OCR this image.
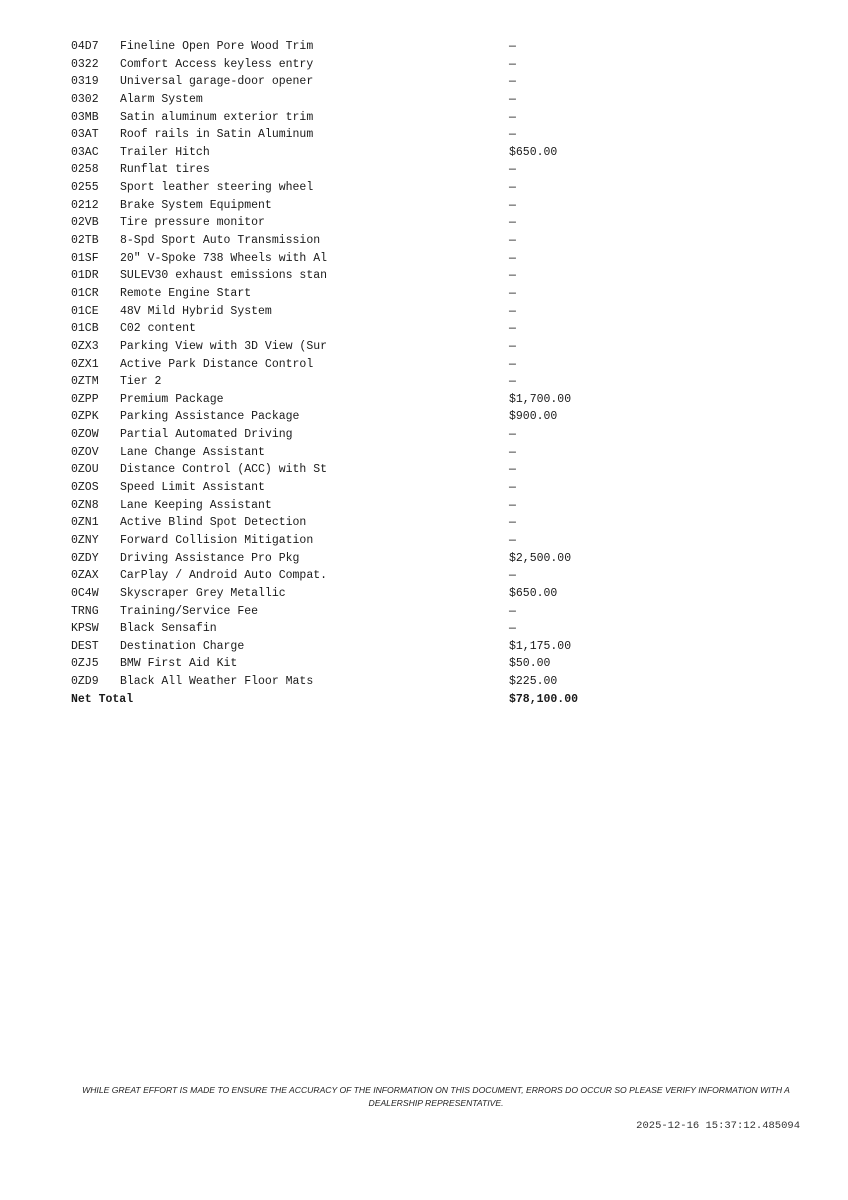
04D7	Fineline Open Pore Wood Trim	—
0322	Comfort Access keyless entry	—
0319	Universal garage-door opener	—
0302	Alarm System	—
03MB	Satin aluminum exterior trim	—
03AT	Roof rails in Satin Aluminum	—
03AC	Trailer Hitch	$650.00
0258	Runflat tires	—
0255	Sport leather steering wheel	—
0212	Brake System Equipment	—
02VB	Tire pressure monitor	—
02TB	8-Spd Sport Auto Transmission	—
01SF	20" V-Spoke 738 Wheels with Al	—
01DR	SULEV30 exhaust emissions stan	—
01CR	Remote Engine Start	—
01CE	48V Mild Hybrid System	—
01CB	C02 content	—
0ZX3	Parking View with 3D View (Sur	—
0ZX1	Active Park Distance Control	—
0ZTM	Tier 2	—
0ZPP	Premium Package	$1,700.00
0ZPK	Parking Assistance Package	$900.00
0ZOW	Partial Automated Driving	—
0ZOV	Lane Change Assistant	—
0ZOU	Distance Control (ACC) with St	—
0ZOS	Speed Limit Assistant	—
0ZN8	Lane Keeping Assistant	—
0ZN1	Active Blind Spot Detection	—
0ZNY	Forward Collision Mitigation	—
0ZDY	Driving Assistance Pro Pkg	$2,500.00
0ZAX	CarPlay / Android Auto Compat.	—
0C4W	Skyscraper Grey Metallic	$650.00
TRNG	Training/Service Fee	—
KPSW	Black Sensafin	—
DEST	Destination Charge	$1,175.00
0ZJ5	BMW First Aid Kit	$50.00
0ZD9	Black All Weather Floor Mats	$225.00
Net Total	$78,100.00
WHILE GREAT EFFORT IS MADE TO ENSURE THE ACCURACY OF THE INFORMATION ON THIS DOCUMENT, ERRORS DO OCCUR SO PLEASE VERIFY INFORMATION WITH A DEALERSHIP REPRESENTATIVE.
2025-12-16 15:37:12.485094
